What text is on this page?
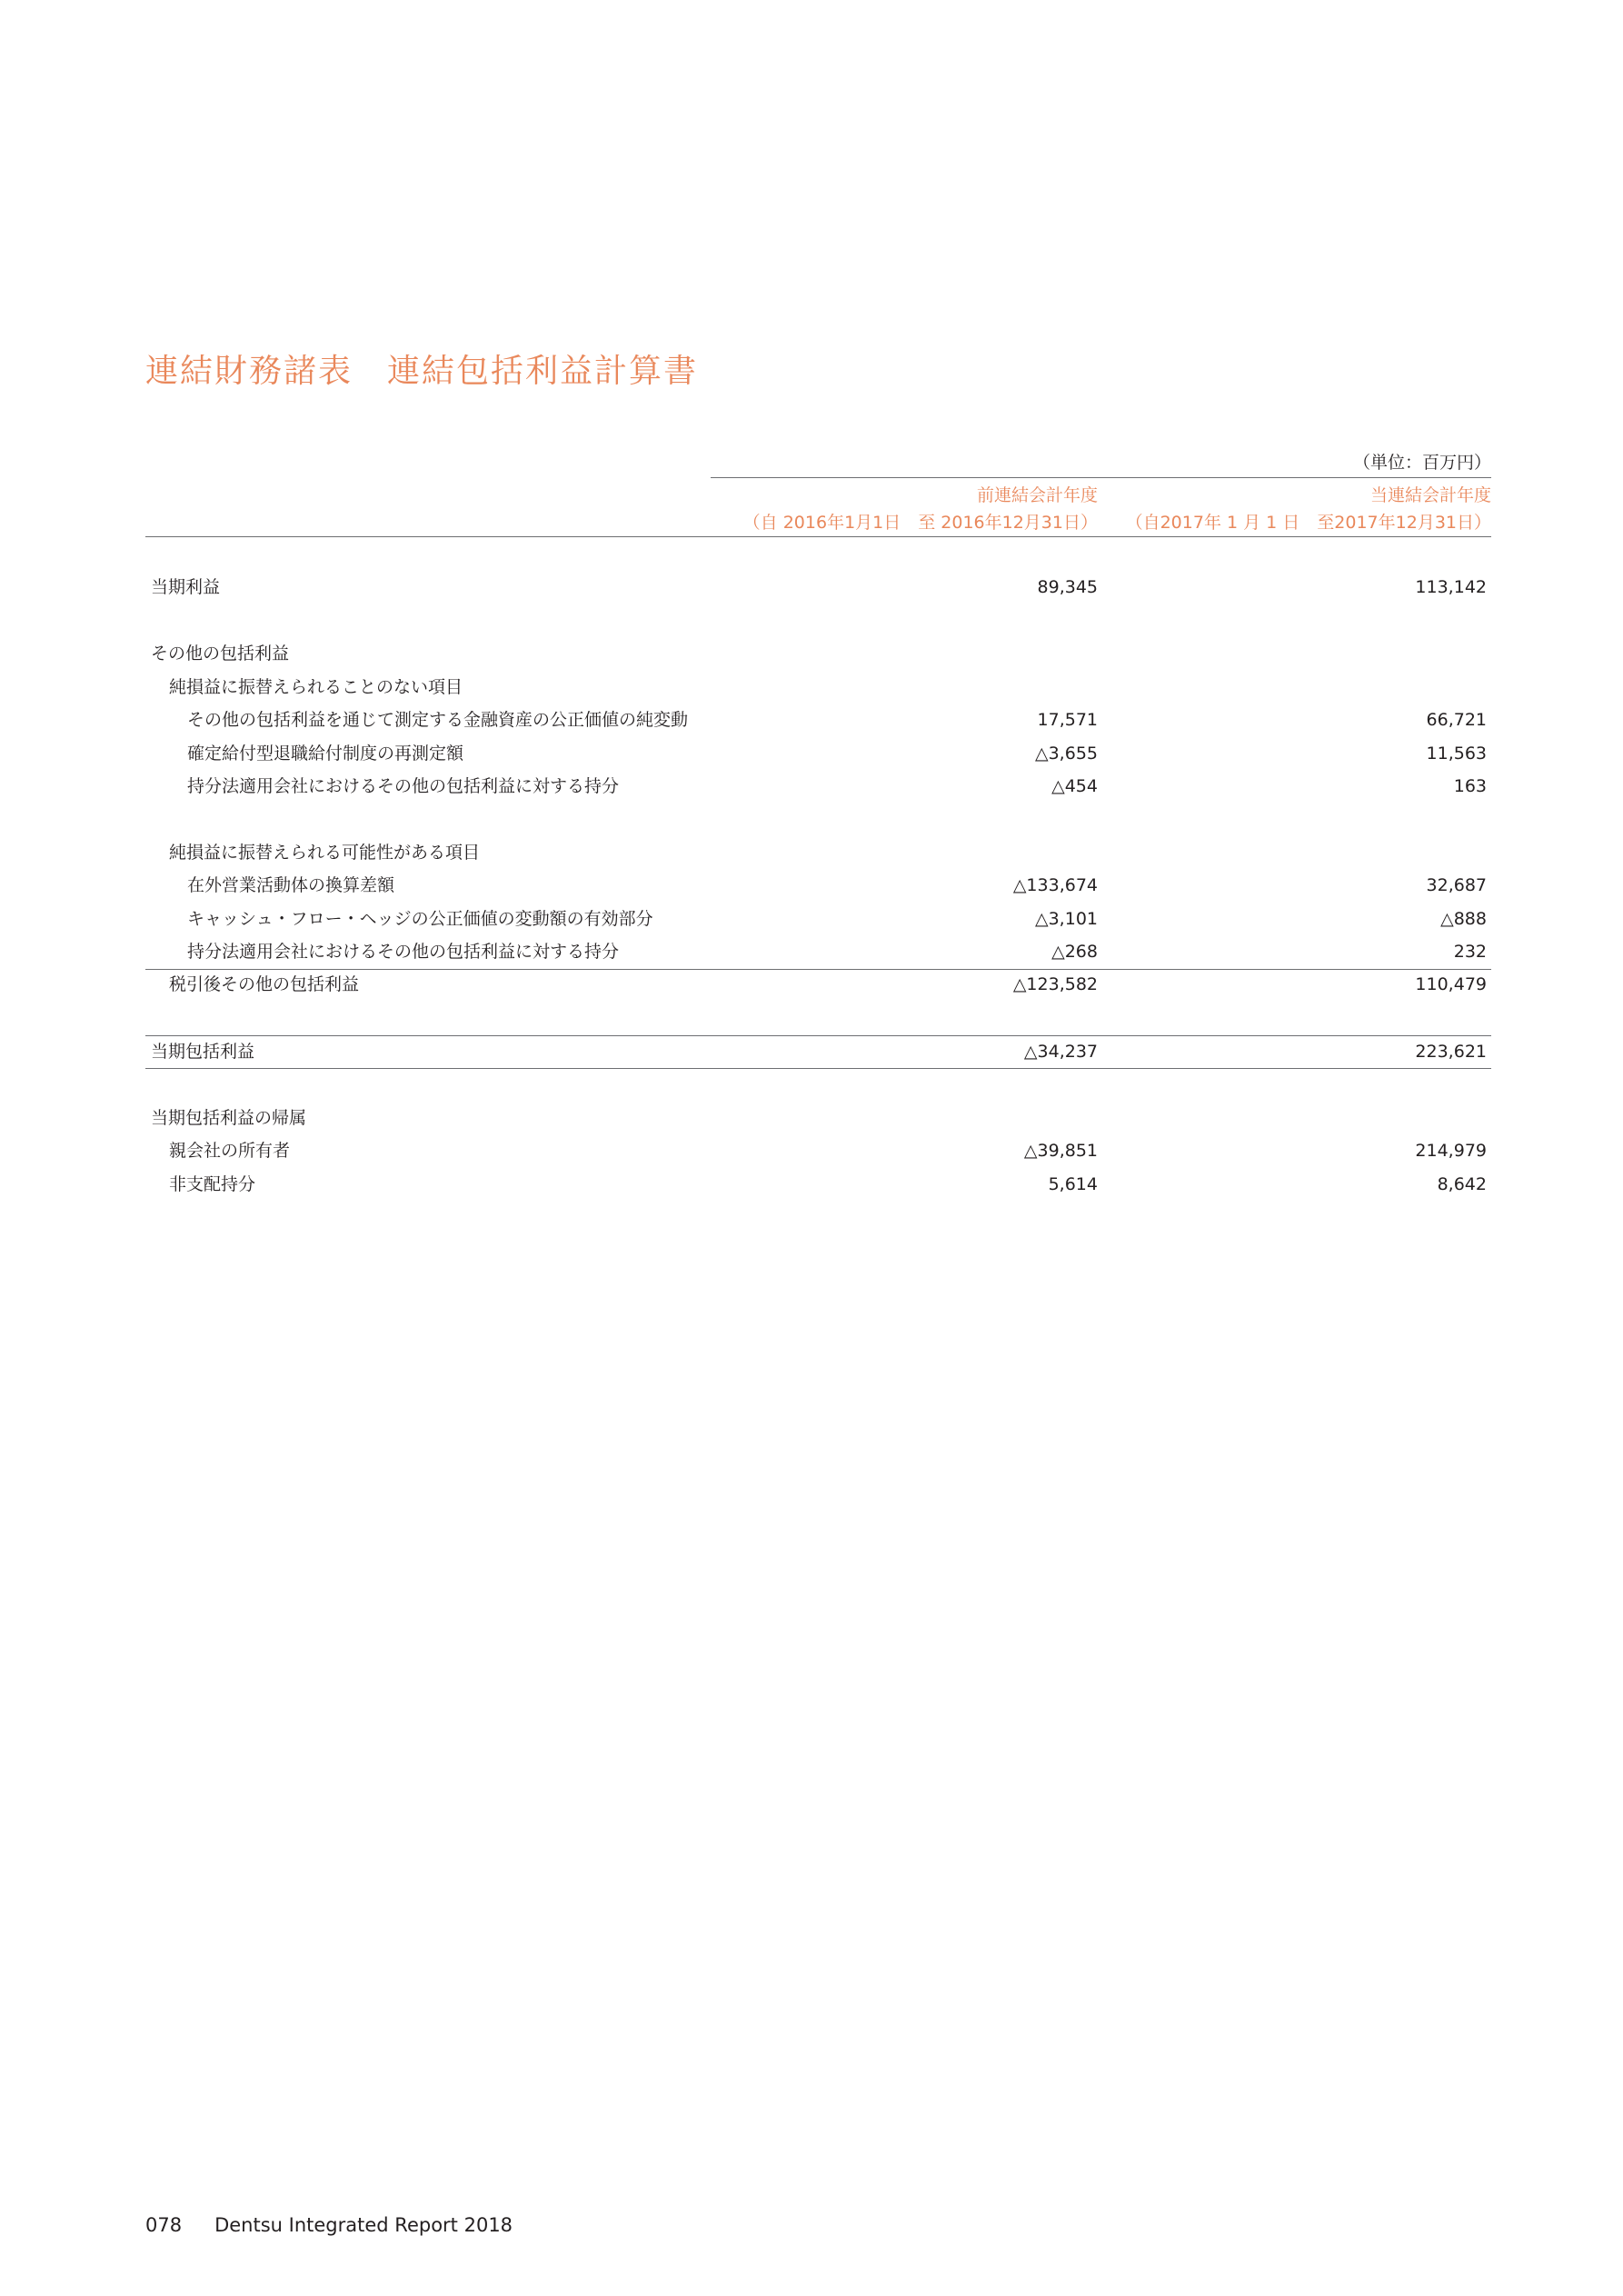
連結財務諸表　連結包括利益計算書
（単位：百万円）
前連結会計年度
（自 2016年1月1日　至 2016年12月31日）
当連結会計年度
（自2017年 1 月 1 日　至2017年12月31日）
当期利益	89,345	113,142
その他の包括利益
純損益に振替えられることのない項目
その他の包括利益を通じて測定する金融資産の公正価値の純変動	17,571	66,721
確定給付型退職給付制度の再測定額	△3,655	11,563
持分法適用会社におけるその他の包括利益に対する持分	△454	163
純損益に振替えられる可能性がある項目
在外営業活動体の換算差額	△133,674	32,687
キャッシュ・フロー・ヘッジの公正価値の変動額の有効部分	△3,101	△888
持分法適用会社におけるその他の包括利益に対する持分	△268	232
税引後その他の包括利益	△123,582	110,479
当期包括利益	△34,237	223,621
当期包括利益の帰属
親会社の所有者	△39,851	214,979
非支配持分	5,614	8,642
078 Dentsu Integrated Report 2018
